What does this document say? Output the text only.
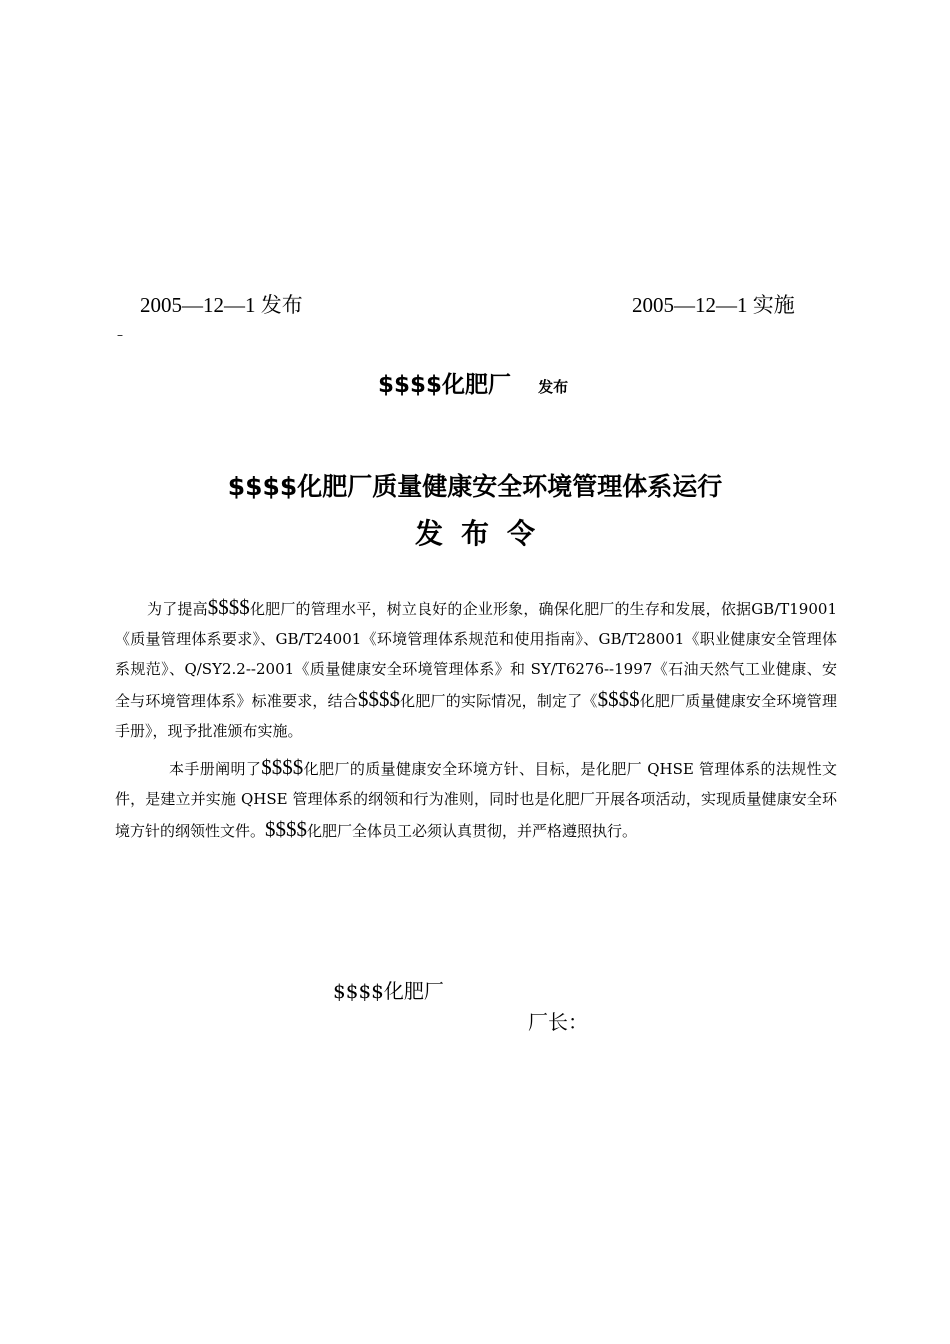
2005—12—1 发布	2005—12—1 实施
–
$$$$化肥厂 发布
$$$$化肥厂质量健康安全环境管理体系运行
发布令
为了提高$$$$化肥厂的管理水平，树立良好的企业形象，确保化肥厂的生存和发展，依据GB/T19001《质量管理体系要求》、GB/T24001《环境管理体系规范和使用指南》、GB/T28001《职业健康安全管理体系规范》、Q/SY2.2--2001《质量健康安全环境管理体系》和 SY/T6276--1997《石油天然气工业健康、安全与环境管理体系》标准要求，结合$$$$化肥厂的实际情况，制定了《$$$$化肥厂质量健康安全环境管理手册》，现予批准颁布实施。
本手册阐明了$$$$化肥厂的质量健康安全环境方针、目标，是化肥厂 QHSE 管理体系的法规性文件，是建立并实施 QHSE 管理体系的纲领和行为准则，同时也是化肥厂开展各项活动，实现质量健康安全环境方针的纲领性文件。$$$$化肥厂全体员工必须认真贯彻，并严格遵照执行。
$$$$化肥厂
厂长：
